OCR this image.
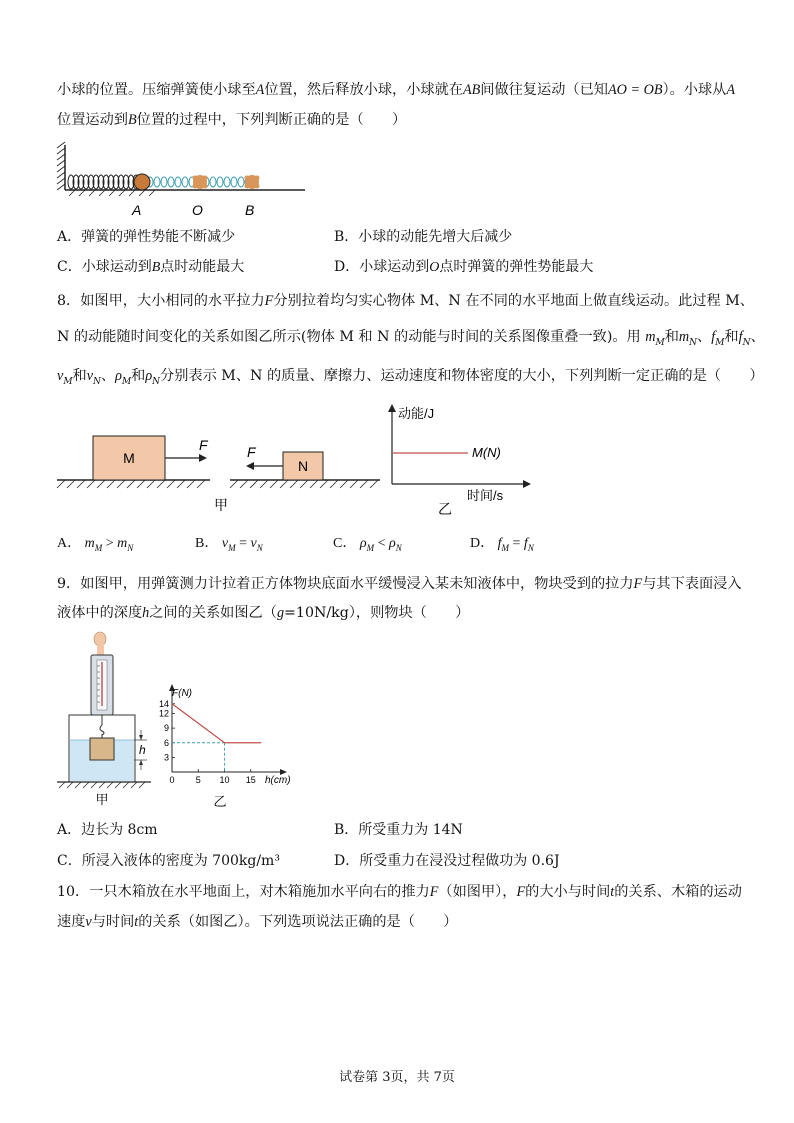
小球的位置。压缩弹簧使小球至A位置，然后释放小球，小球就在AB间做往复运动（已知AO = OB）。小球从A
位置运动到B位置的过程中，下列判断正确的是（　　）
A	O	B
A．弹簧的弹性势能不断减少	B．小球的动能先增大后减少
C．小球运动到B点时动能最大	D．小球运动到O点时弹簧的弹性势能最大
8．如图甲，大小相同的水平拉力F分别拉着均匀实心物体 M、N 在不同的水平地面上做直线运动。此过程 M、
N 的动能随时间变化的关系如图乙所示(物体 M 和 N 的动能与时间的关系图像重叠一致)。用 $m_M$和$m_N$、$f_M$和$f_N$、
$v_M$和$v_N$、$\rho_M$和$\rho_N$分别表示 M、N 的质量、摩擦力、运动速度和物体密度的大小，下列判断一定正确的是（　　）
M
F
N
F
甲
动能/J
M(N)
时间/s
乙
A． $m_M > m_N$	B． $v_M = v_N$	C． $\rho_M < \rho_N$	D． $f_M = f_N$
9．如图甲，用弹簧测力计拉着正方体物块底面水平缓慢浸入某未知液体中，物块受到的拉力F与其下表面浸入
液体中的深度h之间的关系如图乙（g=10N/kg），则物块（　　）
h
甲
3
6
9
12
14
0 5 10 15
F(N)
h(cm)
乙
A．边长为 8cm	B．所受重力为 14N
C．所浸入液体的密度为 700kg/m³	D．所受重力在浸没过程做功为 0.6J
10．一只木箱放在水平地面上，对木箱施加水平向右的推力F（如图甲），F的大小与时间t的关系、木箱的运动
速度v与时间t的关系（如图乙）。下列选项说法正确的是（　　）
试卷第 3页，共 7页
